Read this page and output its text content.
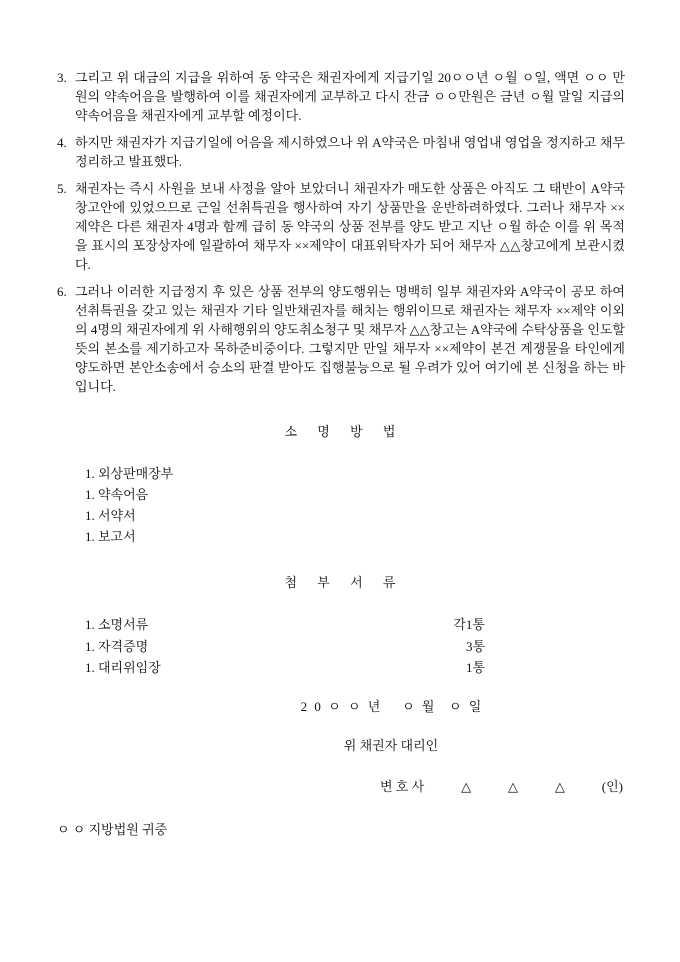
3. 그리고 위 대금의 지급을 위하여 동 약국은 채권자에게 지급기일 20ㅇㅇ년 ㅇ월 ㅇ일, 액면 ㅇㅇ 만원의 약속어음을 발행하여 이를 채권자에게 교부하고 다시 잔금 ㅇㅇ만원은 금년 ㅇ월 말일 지급의 약속어음을 채권자에게 교부할 예정이다.
4. 하지만 채권자가 지급기일에 어음을 제시하였으나 위 A약국은 마침내 영업내 영업을 정지하고 채무정리하고 발표했다.
5. 채권자는 즉시 사원을 보내 사정을 알아 보았더니 채권자가 매도한 상품은 아직도 그 태반이 A약국 창고안에 있었으므로 근일 선취특권을 행사하여 자기 상품만을 운반하려하였다. 그러나 채무자 ××제약은 다른 채권자 4명과 함께 급히 동 약국의 상품 전부를 양도 받고 지난 ㅇ월 하순 이를 위 목적을 표시의 포장상자에 일괄하여 채무자 ××제약이 대표위탁자가 되어 채무자 △△창고에게 보관시켰다.
6. 그러나 이러한 지급정지 후 있은 상품 전부의 양도행위는 명백히 일부 채권자와 A약국이 공모 하여 선취특권을 갖고 있는 채권자 기타 일반채권자를 해치는 행위이므로 채권자는 채무자 ××제약 이외의 4명의 채권자에게 위 사해행위의 양도취소청구 및 채무자 △△창고는 A약국에 수탁상품을 인도할 뜻의 본소를 제기하고자 목하준비중이다. 그렇지만 만일 채무자 ××제약이 본건 계쟁물을 타인에게 양도하면 본안소송에서 승소의 판결 받아도 집행불능으로 될 우려가 있어 여기에 본 신청을 하는 바입니다.
소 명 방 법
1. 외상판매장부
1. 약속어음
1. 서약서
1. 보고서
첨 부 서 류
1. 소명서류	각1통
1. 자격증명	3통
1. 대리위임장	1통
2 0 ㅇ ㅇ 년   ㅇ 월  ㅇ 일
위 채권자 대리인
변 호 사	△	△	△	(인)
ㅇ ㅇ 지방법원 귀중
